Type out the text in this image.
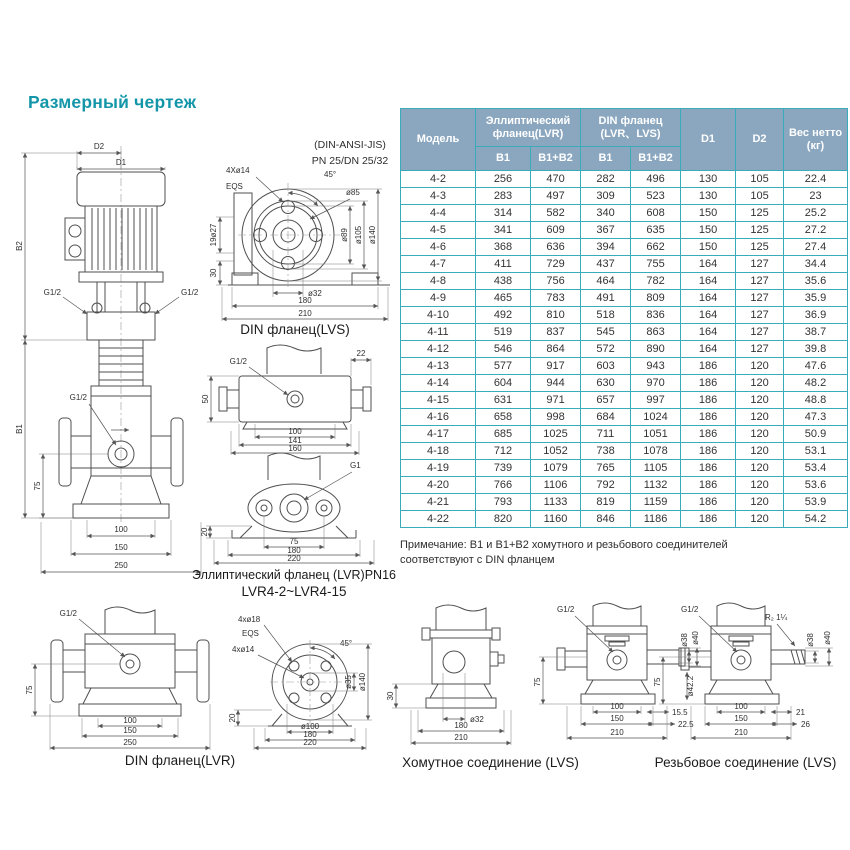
Размерный чертеж
D2
D1
G1/2	G1/2
G1/2
B2
B1
75
100
150
250
(DIN-ANSI-JIS)
PN 25/DN 25/32
45°
ø85
4Xø14
EQS
ø89 ø105 ø140
19ø27
30
ø32
180
210
DIN фланец(LVS)
G1/2
22
50
100
141
160
G1
20
75
180
220
Эллиптический фланец (LVR)PN16
LVR4-2~LVR4-15
Модель	Эллиптический фланец(LVR)		DIN фланец (LVR、LVS)		D1	D2	Вес нетто (кг)
	B1	B1+B2	B1	B1+B2			
4-2	256	470	282	496	130	105	22.4
4-3	283	497	309	523	130	105	23
4-4	314	582	340	608	150	125	25.2
4-5	341	609	367	635	150	125	27.2
4-6	368	636	394	662	150	125	27.4
4-7	411	729	437	755	164	127	34.4
4-8	438	756	464	782	164	127	35.6
4-9	465	783	491	809	164	127	35.9
4-10	492	810	518	836	164	127	36.9
4-11	519	837	545	863	164	127	38.7
4-12	546	864	572	890	164	127	39.8
4-13	577	917	603	943	186	120	47.6
4-14	604	944	630	970	186	120	48.2
4-15	631	971	657	997	186	120	48.8
4-16	658	998	684	1024	186	120	47.3
4-17	685	1025	711	1051	186	120	50.9
4-18	712	1052	738	1078	186	120	53.1
4-19	739	1079	765	1105	186	120	53.4
4-20	766	1106	792	1132	186	120	53.6
4-21	793	1133	819	1159	186	120	53.9
4-22	820	1160	846	1186	186	120	54.2
Примечание: B1 и B1+B2 хомутного и резьбового соединителей соответствуют с DIN фланцем
G1/2
75
100
150
250
45°
4xø18
EQS
4xø14
ø35 ø140
20
ø100
180
220
DIN фланец(LVR)
30
ø32
180
210
G1/2
75
ø38 ø40
ø42.2
15.5
22.5
100
150
210
Хомутное соединение (LVS)
G1/2
R₂ 1¼
75
ø38 ø40
21
26
100
150
210
Резьбовое соединение (LVS)
